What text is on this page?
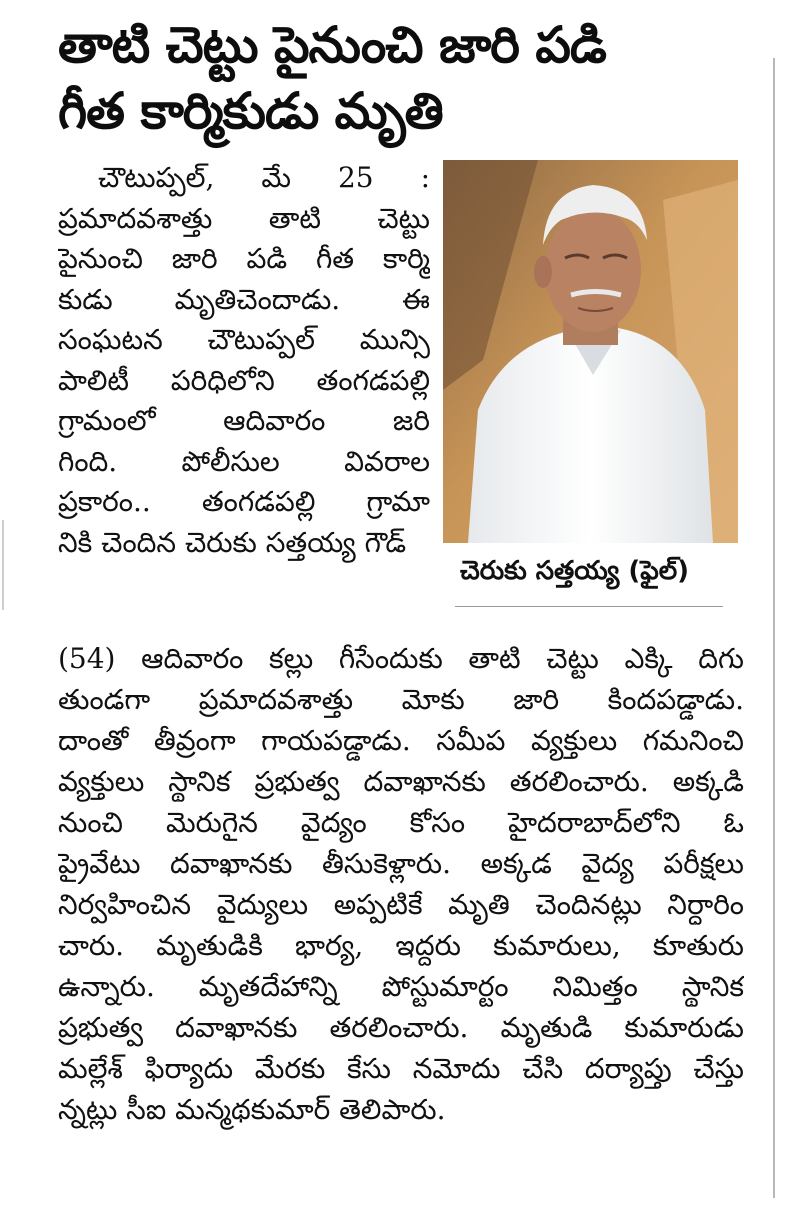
తాటి చెట్టు పైనుంచి జారి పడి
గీత కార్మికుడు మృతి
చౌటుప్పల్, మే 25 :
ప్రమాదవశాత్తు తాటి చెట్టు
పైనుంచి జారి పడి గీత కార్మి
కుడు మృతిచెందాడు. ఈ
సంఘటన చౌటుప్పల్ మున్సి
పాలిటీ పరిధిలోని తంగడపల్లి
గ్రామంలో ఆదివారం జరి
గింది. పోలీసుల వివరాల
ప్రకారం.. తంగడపల్లి గ్రామా
నికి చెందిన చెరుకు సత్తయ్య గౌడ్
చెరుకు సత్తయ్య (ఫైల్)
(54) ఆదివారం కల్లు గీసేందుకు తాటి చెట్టు ఎక్కి దిగు
తుండగా ప్రమాదవశాత్తు మోకు జారి కిందపడ్డాడు.
దాంతో తీవ్రంగా గాయపడ్డాడు. సమీప వ్యక్తులు గమనించి
వ్యక్తులు స్థానిక ప్రభుత్వ దవాఖానకు తరలించారు. అక్కడి
నుంచి మెరుగైన వైద్యం కోసం హైదరాబాద్‌లోని ఓ
ప్రైవేటు దవాఖానకు తీసుకెళ్లారు. అక్కడ వైద్య పరీక్షలు
నిర్వహించిన వైద్యులు అప్పటికే మృతి చెందినట్లు నిర్ధారిం
చారు. మృతుడికి భార్య, ఇద్దరు కుమారులు, కూతురు
ఉన్నారు. మృతదేహాన్ని పోస్టుమార్టం నిమిత్తం స్థానిక
ప్రభుత్వ దవాఖానకు తరలించారు. మృతుడి కుమారుడు
మల్లేశ్ ఫిర్యాదు మేరకు కేసు నమోదు చేసి దర్యాప్తు చేస్తు
న్నట్లు సీఐ మన్మథకుమార్ తెలిపారు.
